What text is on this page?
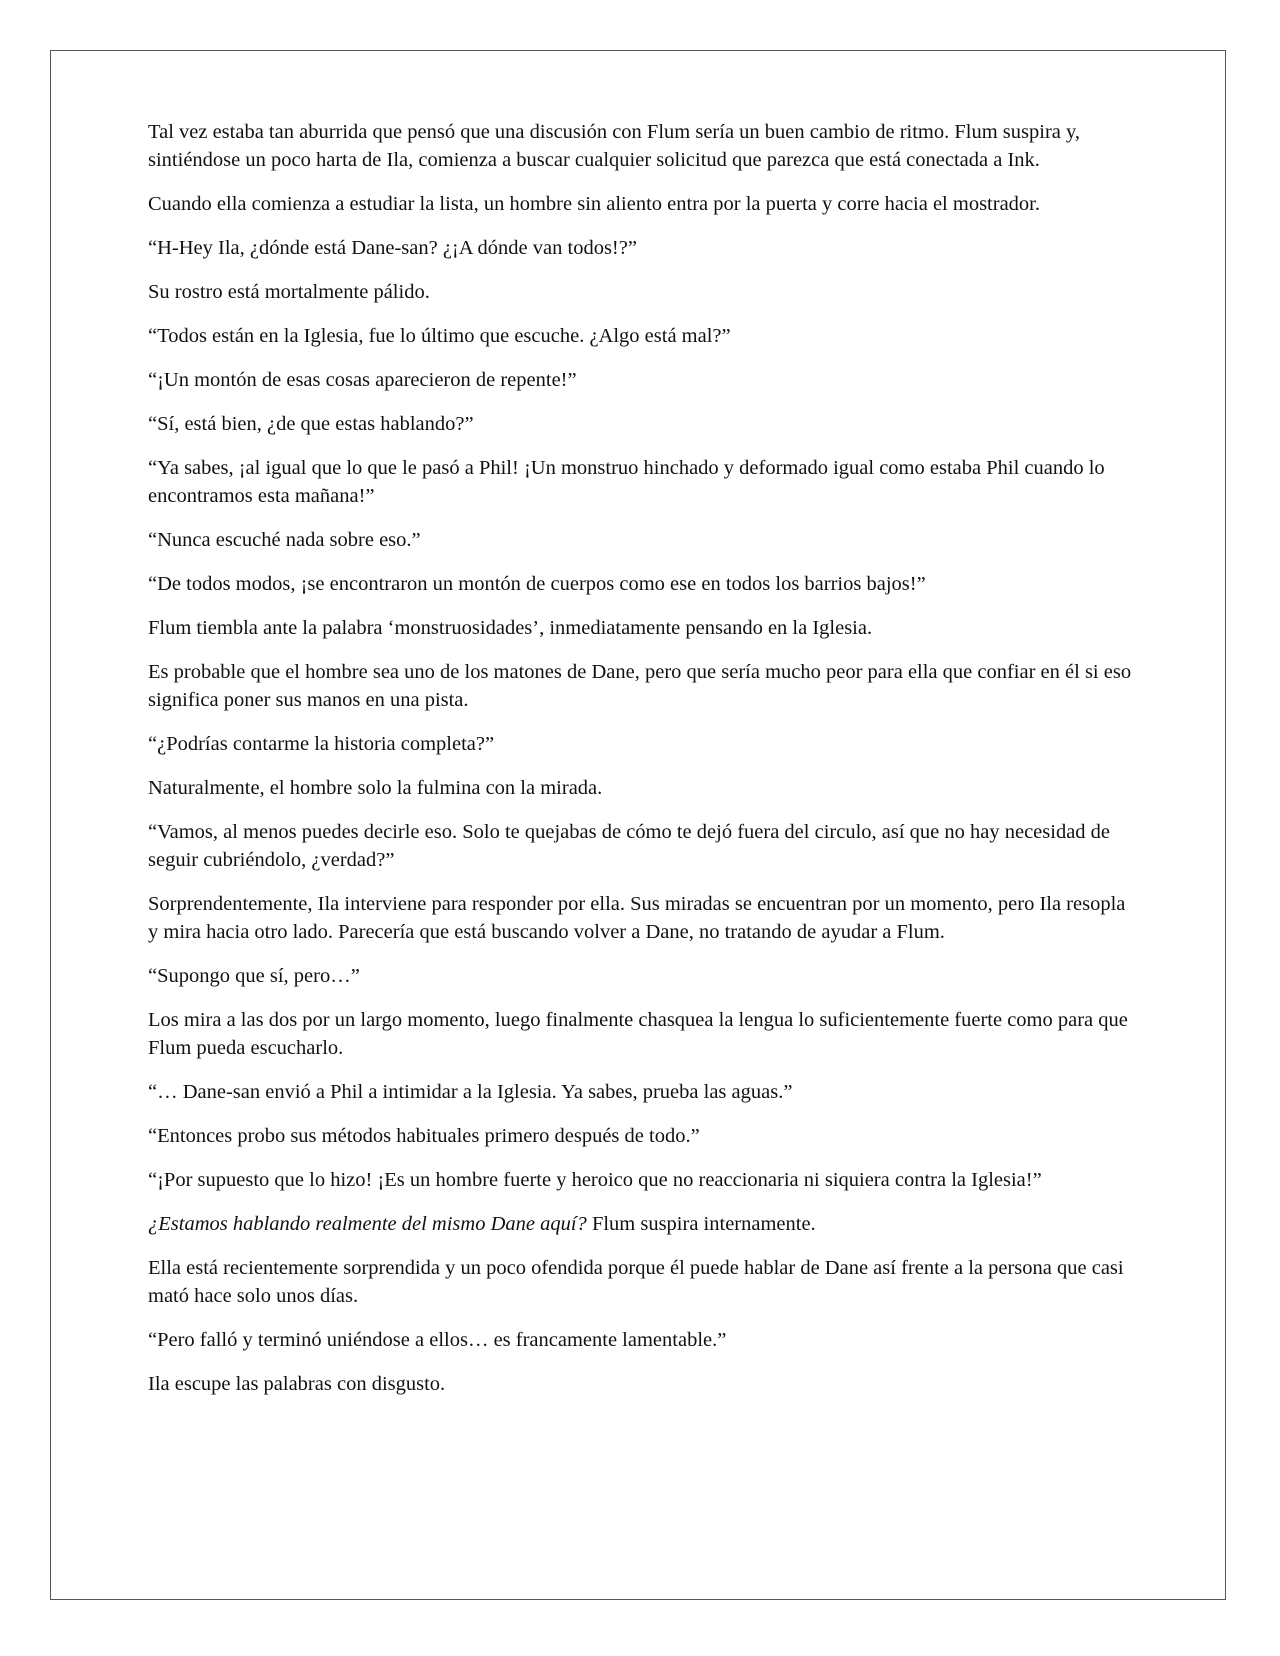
Tal vez estaba tan aburrida que pensó que una discusión con Flum sería un buen cambio de ritmo. Flum suspira y, sintiéndose un poco harta de Ila, comienza a buscar cualquier solicitud que parezca que está conectada a Ink.

Cuando ella comienza a estudiar la lista, un hombre sin aliento entra por la puerta y corre hacia el mostrador.

“H-Hey Ila, ¿dónde está Dane-san? ¿¡A dónde van todos!?”

Su rostro está mortalmente pálido.

“Todos están en la Iglesia, fue lo último que escuche. ¿Algo está mal?”

“¡Un montón de esas cosas aparecieron de repente!”

“Sí, está bien, ¿de que estas hablando?”

“Ya sabes, ¡al igual que lo que le pasó a Phil! ¡Un monstruo hinchado y deformado igual como estaba Phil cuando lo encontramos esta mañana!”

“Nunca escuché nada sobre eso.”

“De todos modos, ¡se encontraron un montón de cuerpos como ese en todos los barrios bajos!”

Flum tiembla ante la palabra ‘monstruosidades’, inmediatamente pensando en la Iglesia.

Es probable que el hombre sea uno de los matones de Dane, pero que sería mucho peor para ella que confiar en él si eso significa poner sus manos en una pista.

“¿Podrías contarme la historia completa?”

Naturalmente, el hombre solo la fulmina con la mirada.

“Vamos, al menos puedes decirle eso. Solo te quejabas de cómo te dejó fuera del circulo, así que no hay necesidad de seguir cubriéndolo, ¿verdad?”

Sorprendentemente, Ila interviene para responder por ella. Sus miradas se encuentran por un momento, pero Ila resopla y mira hacia otro lado. Parecería que está buscando volver a Dane, no tratando de ayudar a Flum.

“Supongo que sí, pero…”

Los mira a las dos por un largo momento, luego finalmente chasquea la lengua lo suficientemente fuerte como para que Flum pueda escucharlo.

“… Dane-san envió a Phil a intimidar a la Iglesia. Ya sabes, prueba las aguas.”

“Entonces probo sus métodos habituales primero después de todo.”

“¡Por supuesto que lo hizo! ¡Es un hombre fuerte y heroico que no reaccionaria ni siquiera contra la Iglesia!”

¿Estamos hablando realmente del mismo Dane aquí? Flum suspira internamente.

Ella está recientemente sorprendida y un poco ofendida porque él puede hablar de Dane así frente a la persona que casi mató hace solo unos días.

“Pero falló y terminó uniéndose a ellos… es francamente lamentable.”

Ila escupe las palabras con disgusto.
